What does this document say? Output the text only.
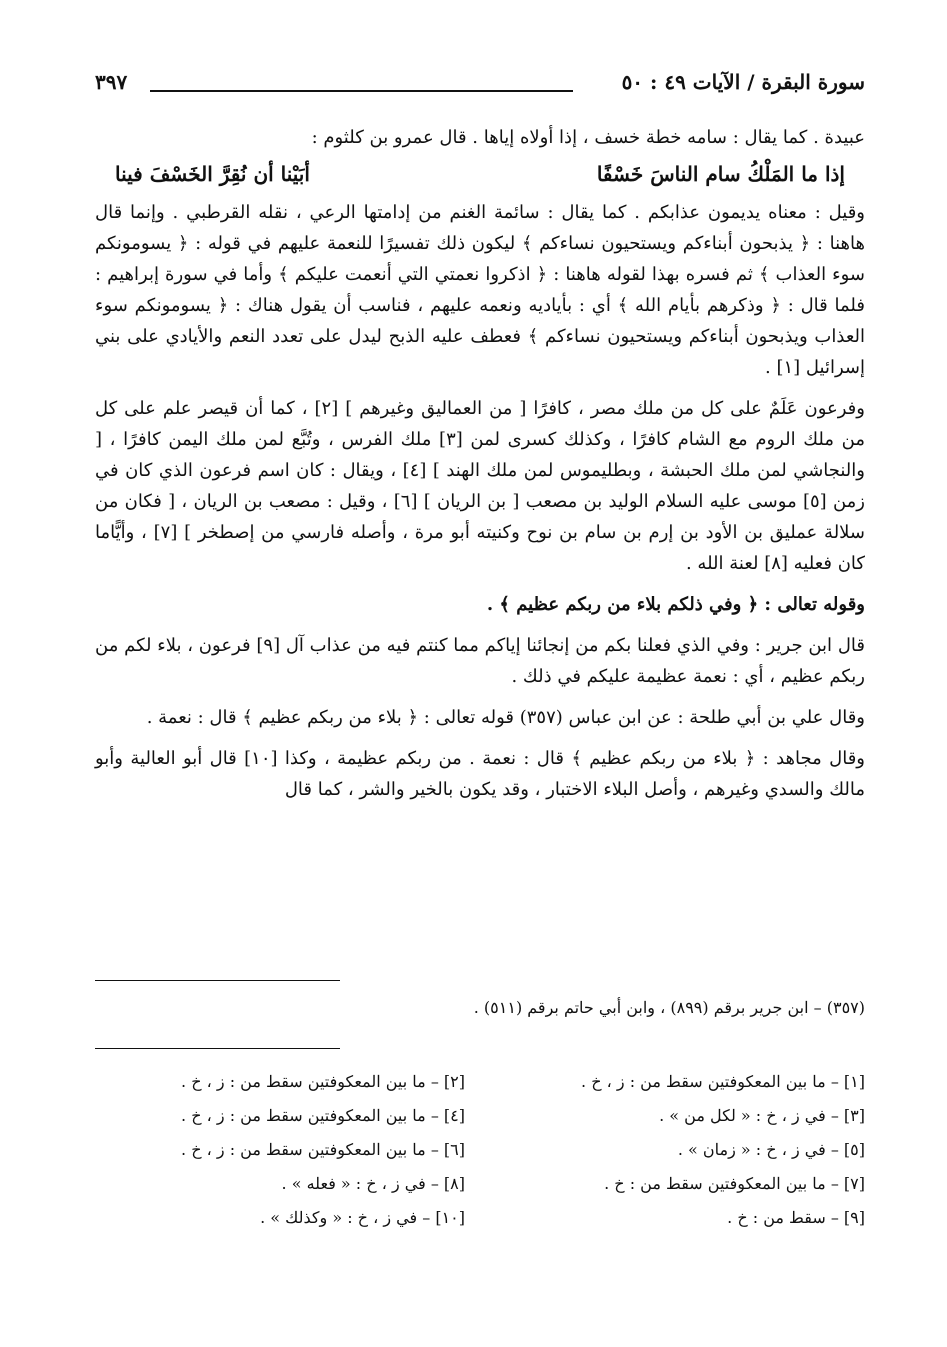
سورة البقرة / الآيات ٤٩ : ٥٠
٣٩٧

عبيدة . كما يقال : سامه خطة خسف ، إذا أولاه إياها . قال عمرو بن كلثوم :

إذا ما المَلْكُ سام الناسَ خَسْفًا
أبَيْنا أن نُقِرَّ الخَسْفَ فينا

وقيل : معناه يديمون عذابكم . كما يقال : سائمة الغنم من إدامتها الرعي ، نقله القرطبي . وإنما قال هاهنا : ﴿ يذبحون أبناءكم ويستحيون نساءكم ﴾ ليكون ذلك تفسيرًا للنعمة عليهم في قوله : ﴿ يسومونكم سوء العذاب ﴾ ثم فسره بهذا لقوله هاهنا : ﴿ اذكروا نعمتي التي أنعمت عليكم ﴾ وأما في سورة إبراهيم : فلما قال : ﴿ وذكرهم بأيام الله ﴾ أي : بأياديه ونعمه عليهم ، فناسب أن يقول هناك : ﴿ يسومونكم سوء العذاب ويذبحون أبناءكم ويستحيون نساءكم ﴾ فعطف عليه الذبح ليدل على تعدد النعم والأيادي على بني إسرائيل [١] .

وفرعون عَلَمٌ على كل من ملك مصر ، كافرًا [ من العماليق وغيرهم ] [٢] ، كما أن قيصر علم على كل من ملك الروم مع الشام كافرًا ، وكذلك كسرى لمن [٣] ملك الفرس ، وتُبَّع لمن ملك اليمن كافرًا ، [ والنجاشي لمن ملك الحبشة ، وبطليموس لمن ملك الهند ] [٤] ، ويقال : كان اسم فرعون الذي كان في زمن [٥] موسى عليه السلام الوليد بن مصعب [ بن الريان ] [٦] ، وقيل : مصعب بن الريان ، [ فكان من سلالة عمليق بن الأود بن إرم بن سام بن نوح وكنيته أبو مرة ، وأصله فارسي من إصطخر ] [٧] ، وأيًّاما كان فعليه [٨] لعنة الله .

وقوله تعالى : ﴿ وفي ذلكم بلاء من ربكم عظيم ﴾ .

قال ابن جرير : وفي الذي فعلنا بكم من إنجائنا إياكم مما كنتم فيه من عذاب آل [٩] فرعون ، بلاء لكم من ربكم عظيم ، أي : نعمة عظيمة عليكم في ذلك .

وقال علي بن أبي طلحة : عن ابن عباس (٣٥٧) قوله تعالى : ﴿ بلاء من ربكم عظيم ﴾ قال : نعمة .

وقال مجاهد : ﴿ بلاء من ربكم عظيم ﴾ قال : نعمة . من ربكم عظيمة ، وكذا [١٠] قال أبو العالية وأبو مالك والسدي وغيرهم ، وأصل البلاء الاختبار ، وقد يكون بالخير والشر ، كما قال

(٣٥٧) – ابن جرير برقم (٨٩٩) ، وابن أبي حاتم برقم (٥١١) .
[١] – ما بين المعكوفتين سقط من : ز ، خ .
[٢] – ما بين المعكوفتين سقط من : ز ، خ .
[٣] – في ز ، خ : « لكل من » .
[٤] – ما بين المعكوفتين سقط من : ز ، خ .
[٥] – في ز ، خ : « زمان » .
[٦] – ما بين المعكوفتين سقط من : ز ، خ .
[٧] – ما بين المعكوفتين سقط من : خ .
[٨] – في ز ، خ : « فعله » .
[٩] – سقط من : خ .
[١٠] – في ز ، خ : « وكذلك » .
